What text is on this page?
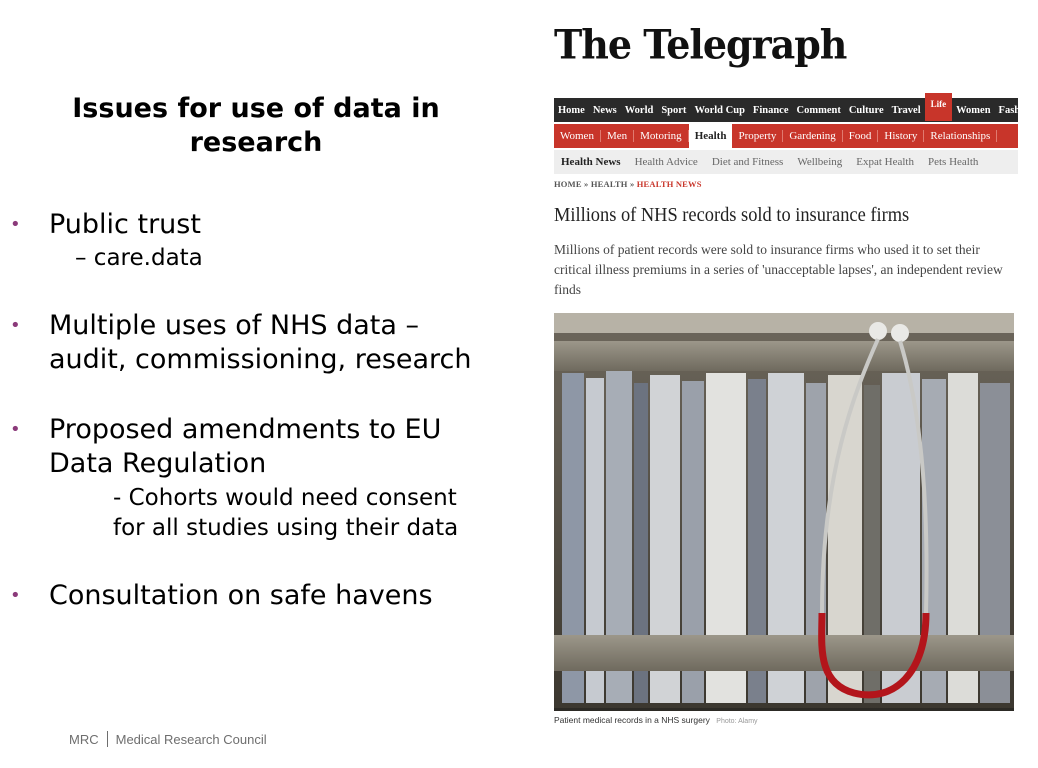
Issues for use of data in
research
• Public trust
– care.data
• Multiple uses of NHS data –
audit, commissioning, research
• Proposed amendments to EU
Data Regulation
- Cohorts would need consent
for all studies using their data
• Consultation on safe havens
MRC Medical Research Council
The Telegraph
Home News World Sport World Cup Finance Comment Culture Travel
Life
Women Fashion
Women	Men	Motoring	Health	Property	Gardening	Food	History	Relationships
Health News	Health Advice	Diet and Fitness	Wellbeing	Expat Health	Pets Health
HOME » HEALTH » HEALTH NEWS
Millions of NHS records sold to insurance firms
Millions of patient records were sold to insurance firms who used it to set their critical illness premiums in a series of 'unacceptable lapses', an independent review finds
Patient medical records in a NHS surgery Photo: Alamy
